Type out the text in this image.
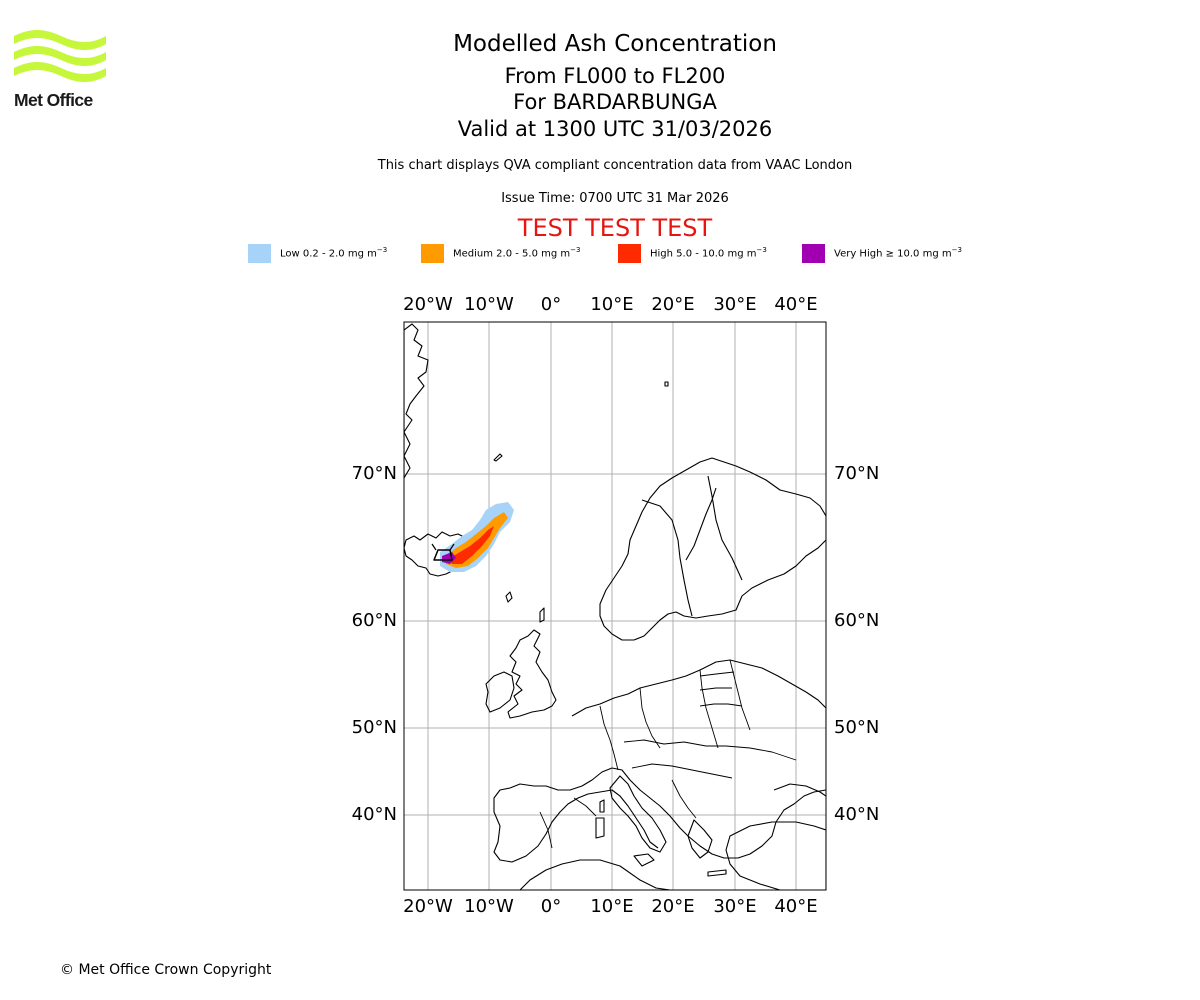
Met Office
Modelled Ash Concentration
From FL000 to FL200
For BARDARBUNGA
Valid at 1300 UTC 31/03/2026
This chart displays QVA compliant concentration data from VAAC London
Issue Time: 0700 UTC 31 Mar 2026
TEST TEST TEST
Low 0.2 - 2.0 mg $m^{-3}$	Medium 2.0 - 5.0 mg $m^{-3}$	High 5.0 - 10.0 mg $m^{-3}$	Very High ≥ 10.0 mg $m^{-3}$
20°W 10°W 0° 10°E 20°E 30°E 40°E
20°W 10°W 0° 10°E 20°E 30°E 40°E
70°N
60°N
50°N
40°N
70°N
60°N
50°N
40°N
© Met Office Crown Copyright
